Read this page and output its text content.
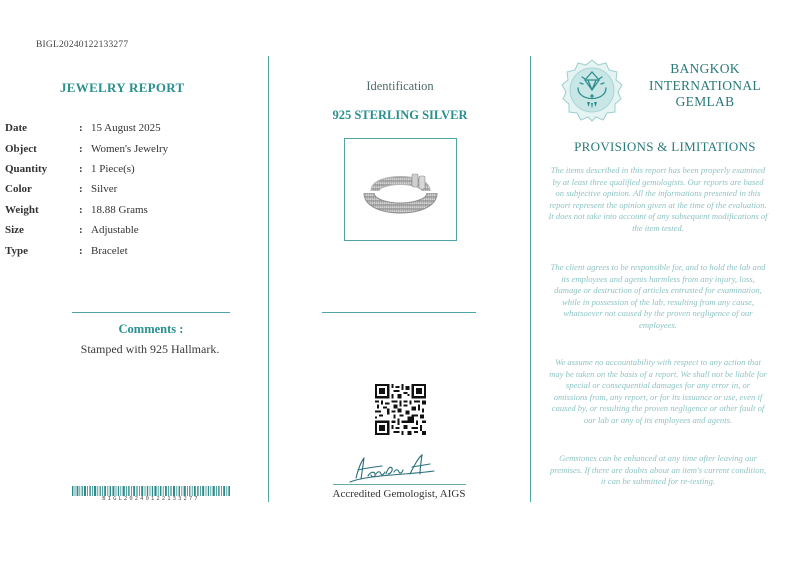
BIGL20240122133277
JEWELRY REPORT
Date	:	15 August 2025
Object	:	Women's Jewelry
Quantity	:	1 Piece(s)
Color	:	Silver
Weight	:	18.88 Grams
Size	:	Adjustable
Type	:	Bracelet
Comments :
Stamped with 925 Hallmark.
BIGL20240122133277
Identification
925 STERLING SILVER
Accredited Gemologist, AIGS
BANGKOK
INTERNATIONAL
GEMLAB
PROVISIONS & LIMITATIONS
The items described in this report has been properly examined by at least three qualified gemologists. Our reports are based on subjective opinion. All the informations presented in this report represent the opinion given at the time of the evaluation. It does not take into account of any subsequent modifications of the item tested.
The client agrees to be responsible for, and to hold the lab and its employees and agents harmless from any injury, loss, damage or destruction of articles entrusted for examination, while in possession of the lab, resulting from any cause, whatsoever not caused by the proven negligence of our employees.
We assume no accountability with respect to any action that may be taken on the basis of a report. We shall not be liable for special or consequential damages for any error in, or omissions from, any report, or for its issuance or use, even if caused by, or resulting the proven negligence or other fault of our lab or any of its employees and agents.
Gemstones can be enhanced at any time after leaving our premises. If there are doubts about an item's current condition, it can be submitted for re-testing.
